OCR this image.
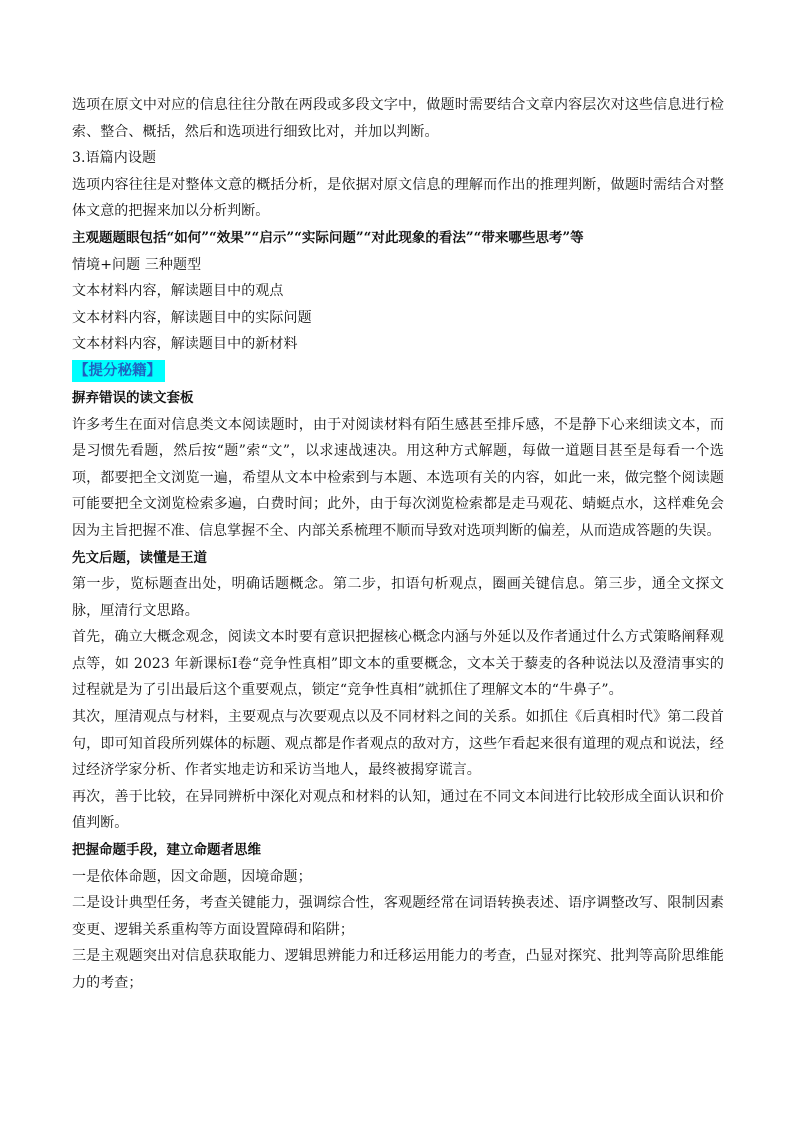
选项在原文中对应的信息往往分散在两段或多段文字中，做题时需要结合文章内容层次对这些信息进行检索、整合、概括，然后和选项进行细致比对，并加以判断。

3.语篇内设题

选项内容往往是对整体文意的概括分析，是依据对原文信息的理解而作出的推理判断，做题时需结合对整体文意的把握来加以分析判断。

主观题题眼包括“如何”“效果”“启示”“实际问题”“对此现象的看法”“带来哪些思考”等

情境+问题 三种题型

文本材料内容，解读题目中的观点

文本材料内容，解读题目中的实际问题

文本材料内容，解读题目中的新材料

【提分秘籍】

摒弃错误的读文套板

许多考生在面对信息类文本阅读题时，由于对阅读材料有陌生感甚至排斥感，不是静下心来细读文本，而是习惯先看题，然后按“题”索“文”，以求速战速决。用这种方式解题，每做一道题目甚至是每看一个选项，都要把全文浏览一遍，希望从文本中检索到与本题、本选项有关的内容，如此一来，做完整个阅读题可能要把全文浏览检索多遍，白费时间；此外，由于每次浏览检索都是走马观花、蜻蜓点水，这样难免会因为主旨把握不准、信息掌握不全、内部关系梳理不顺而导致对选项判断的偏差，从而造成答题的失误。

先文后题，读懂是王道

第一步，览标题查出处，明确话题概念。第二步，扣语句析观点，圈画关键信息。第三步，通全文探文脉，厘清行文思路。

首先，确立大概念观念，阅读文本时要有意识把握核心概念内涵与外延以及作者通过什么方式策略阐释观点等，如 2023 年新课标Ⅰ卷“竞争性真相”即文本的重要概念，文本关于藜麦的各种说法以及澄清事实的过程就是为了引出最后这个重要观点，锁定“竞争性真相”就抓住了理解文本的“牛鼻子”。

其次，厘清观点与材料，主要观点与次要观点以及不同材料之间的关系。如抓住《后真相时代》第二段首句，即可知首段所列媒体的标题、观点都是作者观点的敌对方，这些乍看起来很有道理的观点和说法，经过经济学家分析、作者实地走访和采访当地人，最终被揭穿谎言。

再次，善于比较，在异同辨析中深化对观点和材料的认知，通过在不同文本间进行比较形成全面认识和价值判断。

把握命题手段，建立命题者思维

一是依体命题，因文命题，因境命题；

二是设计典型任务，考查关键能力，强调综合性，客观题经常在词语转换表述、语序调整改写、限制因素变更、逻辑关系重构等方面设置障碍和陷阱；

三是主观题突出对信息获取能力、逻辑思辨能力和迁移运用能力的考查，凸显对探究、批判等高阶思维能力的考查；
